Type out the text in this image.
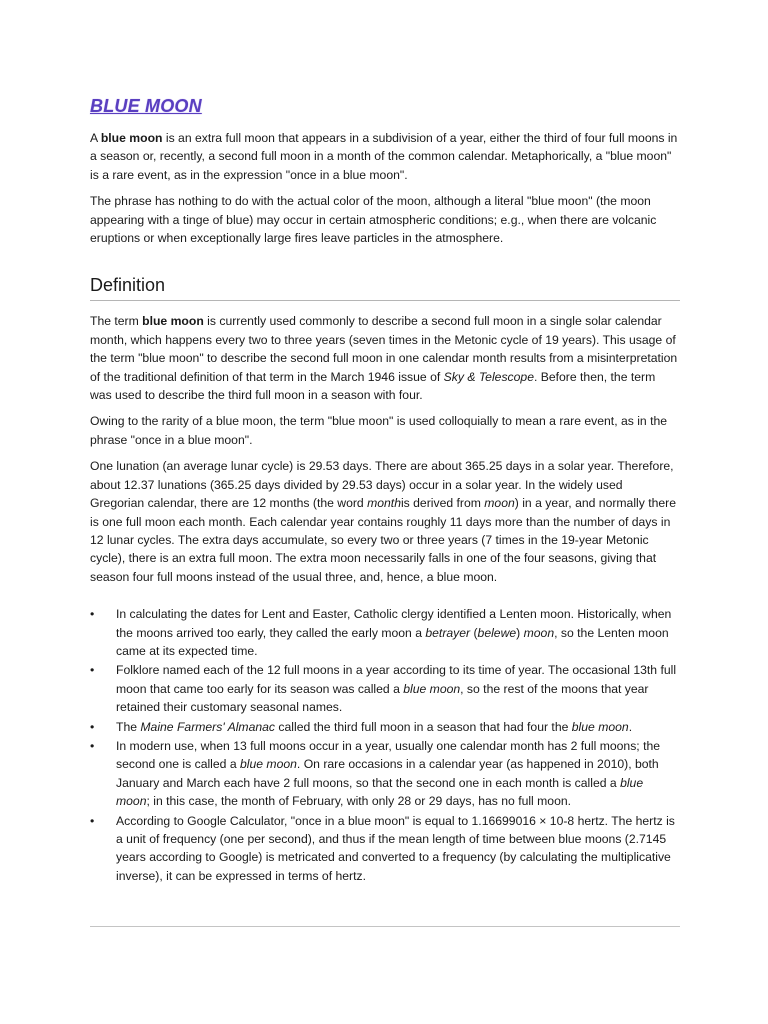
BLUE MOON

A blue moon is an extra full moon that appears in a subdivision of a year, either the third of four full moons in a season or, recently, a second full moon in a month of the common calendar. Metaphorically, a "blue moon" is a rare event, as in the expression "once in a blue moon".

The phrase has nothing to do with the actual color of the moon, although a literal "blue moon" (the moon appearing with a tinge of blue) may occur in certain atmospheric conditions; e.g., when there are volcanic eruptions or when exceptionally large fires leave particles in the atmosphere.

Definition

The term blue moon is currently used commonly to describe a second full moon in a single solar calendar month, which happens every two to three years (seven times in the Metonic cycle of 19 years). This usage of the term "blue moon" to describe the second full moon in one calendar month results from a misinterpretation of the traditional definition of that term in the March 1946 issue of Sky & Telescope. Before then, the term was used to describe the third full moon in a season with four.

Owing to the rarity of a blue moon, the term "blue moon" is used colloquially to mean a rare event, as in the phrase "once in a blue moon".

One lunation (an average lunar cycle) is 29.53 days. There are about 365.25 days in a solar year. Therefore, about 12.37 lunations (365.25 days divided by 29.53 days) occur in a solar year. In the widely used Gregorian calendar, there are 12 months (the word monthis derived from moon) in a year, and normally there is one full moon each month. Each calendar year contains roughly 11 days more than the number of days in 12 lunar cycles. The extra days accumulate, so every two or three years (7 times in the 19-year Metonic cycle), there is an extra full moon. The extra moon necessarily falls in one of the four seasons, giving that season four full moons instead of the usual three, and, hence, a blue moon.

• In calculating the dates for Lent and Easter, Catholic clergy identified a Lenten moon. Historically, when the moons arrived too early, they called the early moon a betrayer (belewe) moon, so the Lenten moon came at its expected time.
• Folklore named each of the 12 full moons in a year according to its time of year. The occasional 13th full moon that came too early for its season was called a blue moon, so the rest of the moons that year retained their customary seasonal names.
• The Maine Farmers' Almanac called the third full moon in a season that had four the blue moon.
• In modern use, when 13 full moons occur in a year, usually one calendar month has 2 full moons; the second one is called a blue moon. On rare occasions in a calendar year (as happened in 2010), both January and March each have 2 full moons, so that the second one in each month is called a blue moon; in this case, the month of February, with only 28 or 29 days, has no full moon.
• According to Google Calculator, "once in a blue moon" is equal to 1.16699016 × 10-8 hertz. The hertz is a unit of frequency (one per second), and thus if the mean length of time between blue moons (2.7145 years according to Google) is metricated and converted to a frequency (by calculating the multiplicative inverse), it can be expressed in terms of hertz.
